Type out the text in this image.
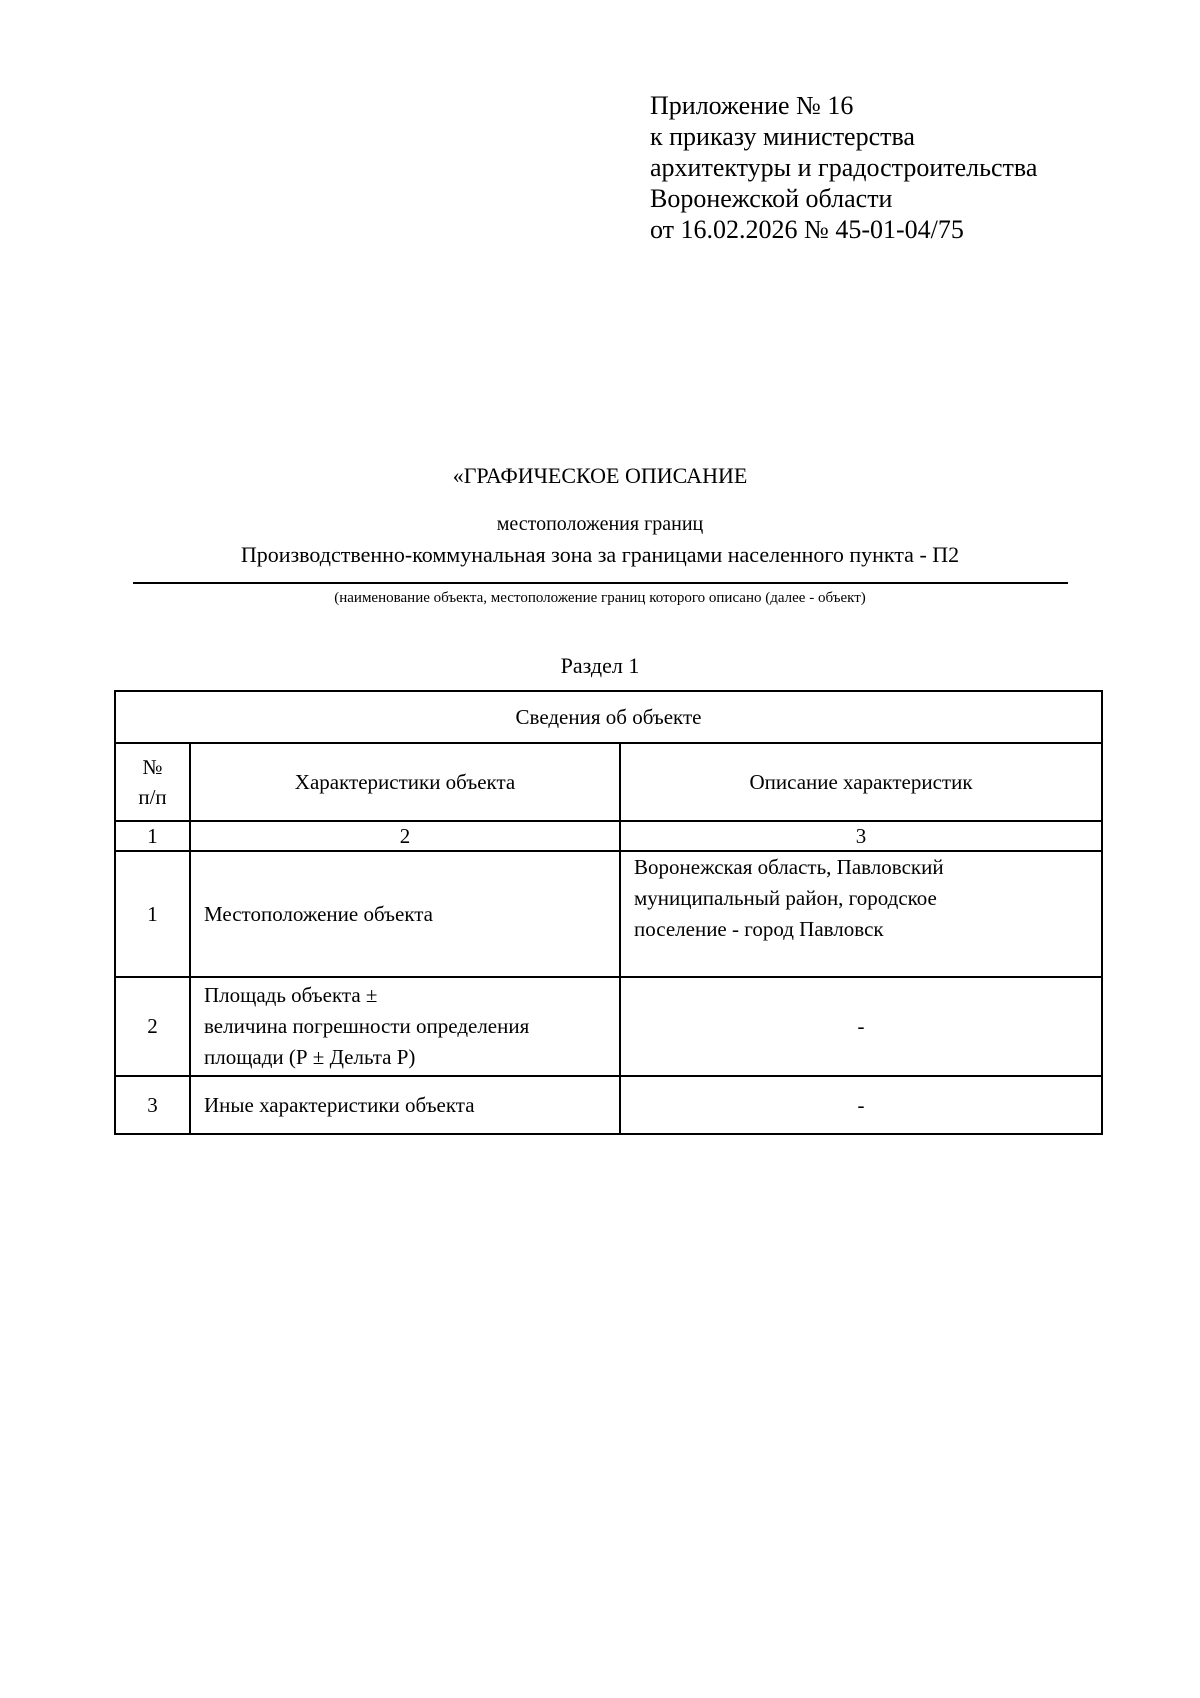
Приложение № 16
к приказу министерства
архитектуры и градостроительства
Воронежской области
от 16.02.2026 № 45-01-04/75
«ГРАФИЧЕСКОЕ ОПИСАНИЕ
местоположения границ
Производственно-коммунальная зона за границами населенного пункта - П2
(наименование объекта, местоположение границ которого описано (далее - объект)
Раздел 1
Сведения об объекте		

№
п/п	Характеристики объекта	Описание характеристик
1	2	3
1	Местоположение объекта	Воронежская область, Павловский
муниципальный район, городское
поселение - город Павловск

2	Площадь объекта ±
величина погрешности определения
площади (Р ± Дельта Р)	-
3	Иные характеристики объекта	-
